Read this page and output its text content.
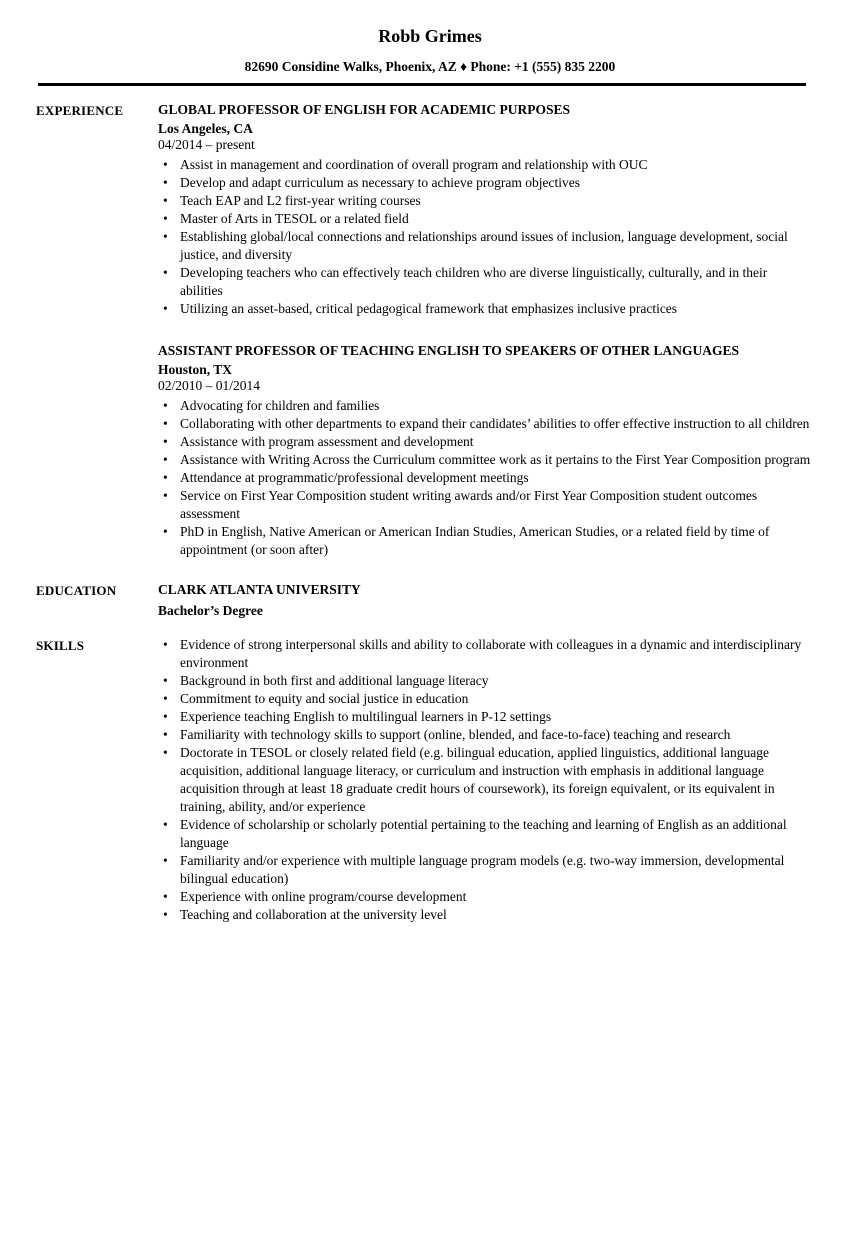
Robb Grimes
82690 Considine Walks, Phoenix, AZ ♦ Phone: +1 (555) 835 2200
EXPERIENCE	GLOBAL PROFESSOR OF ENGLISH FOR ACADEMIC PURPOSES
Los Angeles, CA
04/2014 – present
• Assist in management and coordination of overall program and relationship with OUC
• Develop and adapt curriculum as necessary to achieve program objectives
• Teach EAP and L2 first-year writing courses
• Master of Arts in TESOL or a related field
• Establishing global/local connections and relationships around issues of inclusion, language development, social justice, and diversity
• Developing teachers who can effectively teach children who are diverse linguistically, culturally, and in their abilities
• Utilizing an asset-based, critical pedagogical framework that emphasizes inclusive practices
ASSISTANT PROFESSOR OF TEACHING ENGLISH TO SPEAKERS OF OTHER LANGUAGES
Houston, TX
02/2010 – 01/2014
• Advocating for children and families
• Collaborating with other departments to expand their candidates’ abilities to offer effective instruction to all children
• Assistance with program assessment and development
• Assistance with Writing Across the Curriculum committee work as it pertains to the First Year Composition program
• Attendance at programmatic/professional development meetings
• Service on First Year Composition student writing awards and/or First Year Composition student outcomes assessment
• PhD in English, Native American or American Indian Studies, American Studies, or a related field by time of appointment (or soon after)
EDUCATION	CLARK ATLANTA UNIVERSITY
Bachelor’s Degree
SKILLS	• Evidence of strong interpersonal skills and ability to collaborate with colleagues in a dynamic and interdisciplinary environment
• Background in both first and additional language literacy
• Commitment to equity and social justice in education
• Experience teaching English to multilingual learners in P-12 settings
• Familiarity with technology skills to support (online, blended, and face-to-face) teaching and research
• Doctorate in TESOL or closely related field (e.g. bilingual education, applied linguistics, additional language acquisition, additional language literacy, or curriculum and instruction with emphasis in additional language acquisition through at least 18 graduate credit hours of coursework), its foreign equivalent, or its equivalent in training, ability, and/or experience
• Evidence of scholarship or scholarly potential pertaining to the teaching and learning of English as an additional language
• Familiarity and/or experience with multiple language program models (e.g. two-way immersion, developmental bilingual education)
• Experience with online program/course development
• Teaching and collaboration at the university level
